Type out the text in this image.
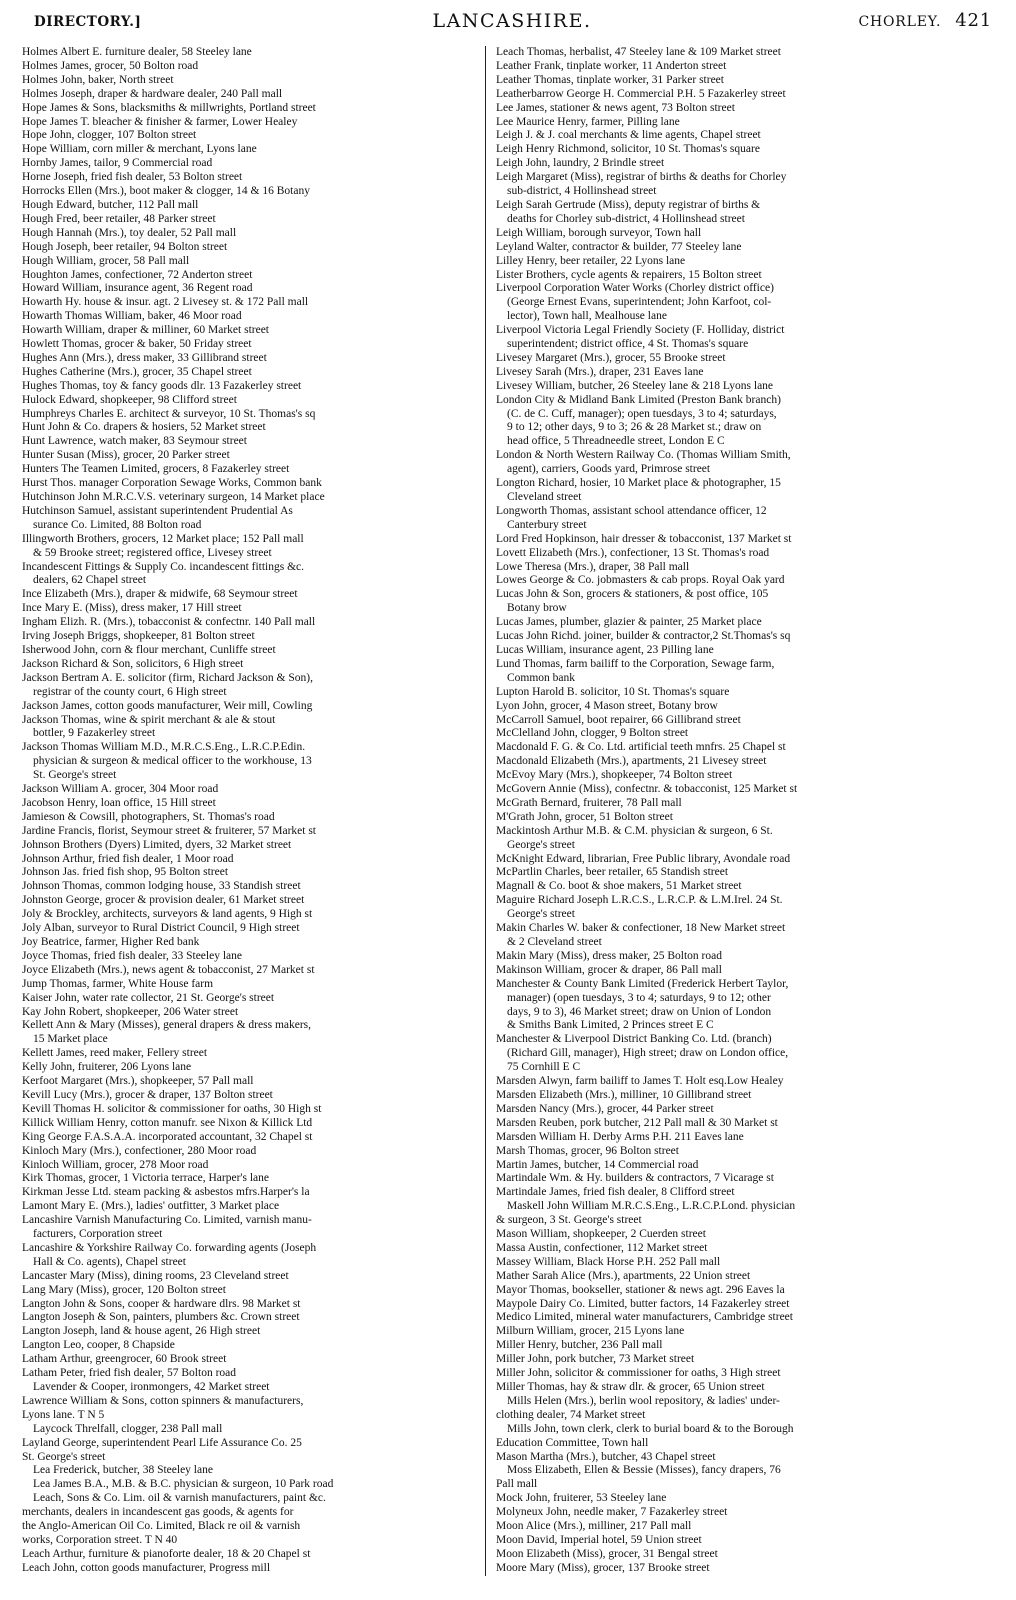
DIRECTORY.]	LANCASHIRE.	CHORLEY. 421
Holmes Albert E. furniture dealer, 58 Steeley lane
Holmes James, grocer, 50 Bolton road
Holmes John, baker, North street
Holmes Joseph, draper & hardware dealer, 240 Pall mall
Hope James & Sons, blacksmiths & millwrights, Portland street
Hope James T. bleacher & finisher & farmer, Lower Healey
Hope John, clogger, 107 Bolton street
Hope William, corn miller & merchant, Lyons lane
Hornby James, tailor, 9 Commercial road
Horne Joseph, fried fish dealer, 53 Bolton street
Horrocks Ellen (Mrs.), boot maker & clogger, 14 & 16 Botany
Hough Edward, butcher, 112 Pall mall
Hough Fred, beer retailer, 48 Parker street
Hough Hannah (Mrs.), toy dealer, 52 Pall mall
Hough Joseph, beer retailer, 94 Bolton street
Hough William, grocer, 58 Pall mall
Houghton James, confectioner, 72 Anderton street
Howard William, insurance agent, 36 Regent road
Howarth Hy. house & insur. agt. 2 Livesey st. & 172 Pall mall
Howarth Thomas William, baker, 46 Moor road
Howarth William, draper & milliner, 60 Market street
Howlett Thomas, grocer & baker, 50 Friday street
Hughes Ann (Mrs.), dress maker, 33 Gillibrand street
Hughes Catherine (Mrs.), grocer, 35 Chapel street
Hughes Thomas, toy & fancy goods dlr. 13 Fazakerley street
Hulock Edward, shopkeeper, 98 Clifford street
Humphreys Charles E. architect & surveyor, 10 St. Thomas's sq
Hunt John & Co. drapers & hosiers, 52 Market street
Hunt Lawrence, watch maker, 83 Seymour street
Hunter Susan (Miss), grocer, 20 Parker street
Hunters The Teamen Limited, grocers, 8 Fazakerley street
Hurst Thos. manager Corporation Sewage Works, Common bank
Hutchinson John M.R.C.V.S. veterinary surgeon, 14 Market place
Hutchinson Samuel, assistant superintendent Prudential As
surance Co. Limited, 88 Bolton road
Illingworth Brothers, grocers, 12 Market place; 152 Pall mall
& 59 Brooke street; registered office, Livesey street
Incandescent Fittings & Supply Co. incandescent fittings &c.
dealers, 62 Chapel street
Ince Elizabeth (Mrs.), draper & midwife, 68 Seymour street
Ince Mary E. (Miss), dress maker, 17 Hill street
Ingham Elizh. R. (Mrs.), tobacconist & confectnr. 140 Pall mall
Irving Joseph Briggs, shopkeeper, 81 Bolton street
Isherwood John, corn & flour merchant, Cunliffe street
Jackson Richard & Son, solicitors, 6 High street
Jackson Bertram A. E. solicitor (firm, Richard Jackson & Son),
registrar of the county court, 6 High street
Jackson James, cotton goods manufacturer, Weir mill, Cowling
Jackson Thomas, wine & spirit merchant & ale & stout
bottler, 9 Fazakerley street
Jackson Thomas William M.D., M.R.C.S.Eng., L.R.C.P.Edin.
physician & surgeon & medical officer to the workhouse, 13
St. George's street
Jackson William A. grocer, 304 Moor road
Jacobson Henry, loan office, 15 Hill street
Jamieson & Cowsill, photographers, St. Thomas's road
Jardine Francis, florist, Seymour street & fruiterer, 57 Market st
Johnson Brothers (Dyers) Limited, dyers, 32 Market street
Johnson Arthur, fried fish dealer, 1 Moor road
Johnson Jas. fried fish shop, 95 Bolton street
Johnson Thomas, common lodging house, 33 Standish street
Johnston George, grocer & provision dealer, 61 Market street
Joly & Brockley, architects, surveyors & land agents, 9 High st
Joly Alban, surveyor to Rural District Council, 9 High street
Joy Beatrice, farmer, Higher Red bank
Joyce Thomas, fried fish dealer, 33 Steeley lane
Joyce Elizabeth (Mrs.), news agent & tobacconist, 27 Market st
Jump Thomas, farmer, White House farm
Kaiser John, water rate collector, 21 St. George's street
Kay John Robert, shopkeeper, 206 Water street
Kellett Ann & Mary (Misses), general drapers & dress makers,
15 Market place
Kellett James, reed maker, Fellery street
Kelly John, fruiterer, 206 Lyons lane
Kerfoot Margaret (Mrs.), shopkeeper, 57 Pall mall
Kevill Lucy (Mrs.), grocer & draper, 137 Bolton street
Kevill Thomas H. solicitor & commissioner for oaths, 30 High st
Killick William Henry, cotton manufr. see Nixon & Killick Ltd
King George F.A.S.A.A. incorporated accountant, 32 Chapel st
Kinloch Mary (Mrs.), confectioner, 280 Moor road
Kinloch William, grocer, 278 Moor road
Kirk Thomas, grocer, 1 Victoria terrace, Harper's lane
Kirkman Jesse Ltd. steam packing & asbestos mfrs.Harper's la
Lamont Mary E. (Mrs.), ladies' outfitter, 3 Market place
Lancashire Varnish Manufacturing Co. Limited, varnish manu-
facturers, Corporation street
Lancashire & Yorkshire Railway Co. forwarding agents (Joseph
Hall & Co. agents), Chapel street
Lancaster Mary (Miss), dining rooms, 23 Cleveland street
Lang Mary (Miss), grocer, 120 Bolton street
Langton John & Sons, cooper & hardware dlrs. 98 Market st
Langton Joseph & Son, painters, plumbers &c. Crown street
Langton Joseph, land & house agent, 26 High street
Langton Leo, cooper, 8 Chapside
Latham Arthur, greengrocer, 60 Brook street
Latham Peter, fried fish dealer, 57 Bolton road
Lavender & Cooper, ironmongers, 42 Market street
Lawrence William & Sons, cotton spinners & manufacturers,
Lyons lane. T N 5
Laycock Threlfall, clogger, 238 Pall mall
Layland George, superintendent Pearl Life Assurance Co. 25
St. George's street
Lea Frederick, butcher, 38 Steeley lane
Lea James B.A., M.B. & B.C. physician & surgeon, 10 Park road
Leach, Sons & Co. Lim. oil & varnish manufacturers, paint &c.
merchants, dealers in incandescent gas goods, & agents for
the Anglo-American Oil Co. Limited, Black re oil & varnish
works, Corporation street. T N 40
Leach Arthur, furniture & pianoforte dealer, 18 & 20 Chapel st
Leach John, cotton goods manufacturer, Progress mill
Leach Thomas, herbalist, 47 Steeley lane & 109 Market street
Leather Frank, tinplate worker, 11 Anderton street
Leather Thomas, tinplate worker, 31 Parker street
Leatherbarrow George H. Commercial P.H. 5 Fazakerley street
Lee James, stationer & news agent, 73 Bolton street
Lee Maurice Henry, farmer, Pilling lane
Leigh J. & J. coal merchants & lime agents, Chapel street
Leigh Henry Richmond, solicitor, 10 St. Thomas's square
Leigh John, laundry, 2 Brindle street
Leigh Margaret (Miss), registrar of births & deaths for Chorley
sub-district, 4 Hollinshead street
Leigh Sarah Gertrude (Miss), deputy registrar of births &
deaths for Chorley sub-district, 4 Hollinshead street
Leigh William, borough surveyor, Town hall
Leyland Walter, contractor & builder, 77 Steeley lane
Lilley Henry, beer retailer, 22 Lyons lane
Lister Brothers, cycle agents & repairers, 15 Bolton street
Liverpool Corporation Water Works (Chorley district office)
(George Ernest Evans, superintendent; John Karfoot, col-
lector), Town hall, Mealhouse lane
Liverpool Victoria Legal Friendly Society (F. Holliday, district
superintendent; district office, 4 St. Thomas's square
Livesey Margaret (Mrs.), grocer, 55 Brooke street
Livesey Sarah (Mrs.), draper, 231 Eaves lane
Livesey William, butcher, 26 Steeley lane & 218 Lyons lane
London City & Midland Bank Limited (Preston Bank branch)
(C. de C. Cuff, manager); open tuesdays, 3 to 4; saturdays,
9 to 12; other days, 9 to 3; 26 & 28 Market st.; draw on
head office, 5 Threadneedle street, London E C
London & North Western Railway Co. (Thomas William Smith,
agent), carriers, Goods yard, Primrose street
Longton Richard, hosier, 10 Market place & photographer, 15
Cleveland street
Longworth Thomas, assistant school attendance officer, 12
Canterbury street
Lord Fred Hopkinson, hair dresser & tobacconist, 137 Market st
Lovett Elizabeth (Mrs.), confectioner, 13 St. Thomas's road
Lowe Theresa (Mrs.), draper, 38 Pall mall
Lowes George & Co. jobmasters & cab props. Royal Oak yard
Lucas John & Son, grocers & stationers, & post office, 105
Botany brow
Lucas James, plumber, glazier & painter, 25 Market place
Lucas John Richd. joiner, builder & contractor,2 St.Thomas's sq
Lucas William, insurance agent, 23 Pilling lane
Lund Thomas, farm bailiff to the Corporation, Sewage farm,
Common bank
Lupton Harold B. solicitor, 10 St. Thomas's square
Lyon John, grocer, 4 Mason street, Botany brow
McCarroll Samuel, boot repairer, 66 Gillibrand street
McClelland John, clogger, 9 Bolton street
Macdonald F. G. & Co. Ltd. artificial teeth mnfrs. 25 Chapel st
Macdonald Elizabeth (Mrs.), apartments, 21 Livesey street
McEvoy Mary (Mrs.), shopkeeper, 74 Bolton street
McGovern Annie (Miss), confectnr. & tobacconist, 125 Market st
McGrath Bernard, fruiterer, 78 Pall mall
M'Grath John, grocer, 51 Bolton street
Mackintosh Arthur M.B. & C.M. physician & surgeon, 6 St.
George's street
McKnight Edward, librarian, Free Public library, Avondale road
McPartlin Charles, beer retailer, 65 Standish street
Magnall & Co. boot & shoe makers, 51 Market street
Maguire Richard Joseph L.R.C.S., L.R.C.P. & L.M.Irel. 24 St.
George's street
Makin Charles W. baker & confectioner, 18 New Market street
& 2 Cleveland street
Makin Mary (Miss), dress maker, 25 Bolton road
Makinson William, grocer & draper, 86 Pall mall
Manchester & County Bank Limited (Frederick Herbert Taylor,
manager) (open tuesdays, 3 to 4; saturdays, 9 to 12; other
days, 9 to 3), 46 Market street; draw on Union of London
& Smiths Bank Limited, 2 Princes street E C
Manchester & Liverpool District Banking Co. Ltd. (branch)
(Richard Gill, manager), High street; draw on London office,
75 Cornhill E C
Marsden Alwyn, farm bailiff to James T. Holt esq.Low Healey
Marsden Elizabeth (Mrs.), milliner, 10 Gillibrand street
Marsden Nancy (Mrs.), grocer, 44 Parker street
Marsden Reuben, pork butcher, 212 Pall mall & 30 Market st
Marsden William H. Derby Arms P.H. 211 Eaves lane
Marsh Thomas, grocer, 96 Bolton street
Martin James, butcher, 14 Commercial road
Martindale Wm. & Hy. builders & contractors, 7 Vicarage st
Martindale James, fried fish dealer, 8 Clifford street
Maskell John William M.R.C.S.Eng., L.R.C.P.Lond. physician
& surgeon, 3 St. George's street
Mason William, shopkeeper, 2 Cuerden street
Massa Austin, confectioner, 112 Market street
Massey William, Black Horse P.H. 252 Pall mall
Mather Sarah Alice (Mrs.), apartments, 22 Union street
Mayor Thomas, bookseller, stationer & news agt. 296 Eaves la
Maypole Dairy Co. Limited, butter factors, 14 Fazakerley street
Medico Limited, mineral water manufacturers, Cambridge street
Milburn William, grocer, 215 Lyons lane
Miller Henry, butcher, 236 Pall mall
Miller John, pork butcher, 73 Market street
Miller John, solicitor & commissioner for oaths, 3 High street
Miller Thomas, hay & straw dlr. & grocer, 65 Union street
Mills Helen (Mrs.), berlin wool repository, & ladies' under-
clothing dealer, 74 Market street
Mills John, town clerk, clerk to burial board & to the Borough
Education Committee, Town hall
Mason Martha (Mrs.), butcher, 43 Chapel street
Moss Elizabeth, Ellen & Bessie (Misses), fancy drapers, 76
Pall mall
Mock John, fruiterer, 53 Steeley lane
Molyneux John, needle maker, 7 Fazakerley street
Moon Alice (Mrs.), milliner, 217 Pall mall
Moon David, Imperial hotel, 59 Union street
Moon Elizabeth (Miss), grocer, 31 Bengal street
Moore Mary (Miss), grocer, 137 Brooke street
